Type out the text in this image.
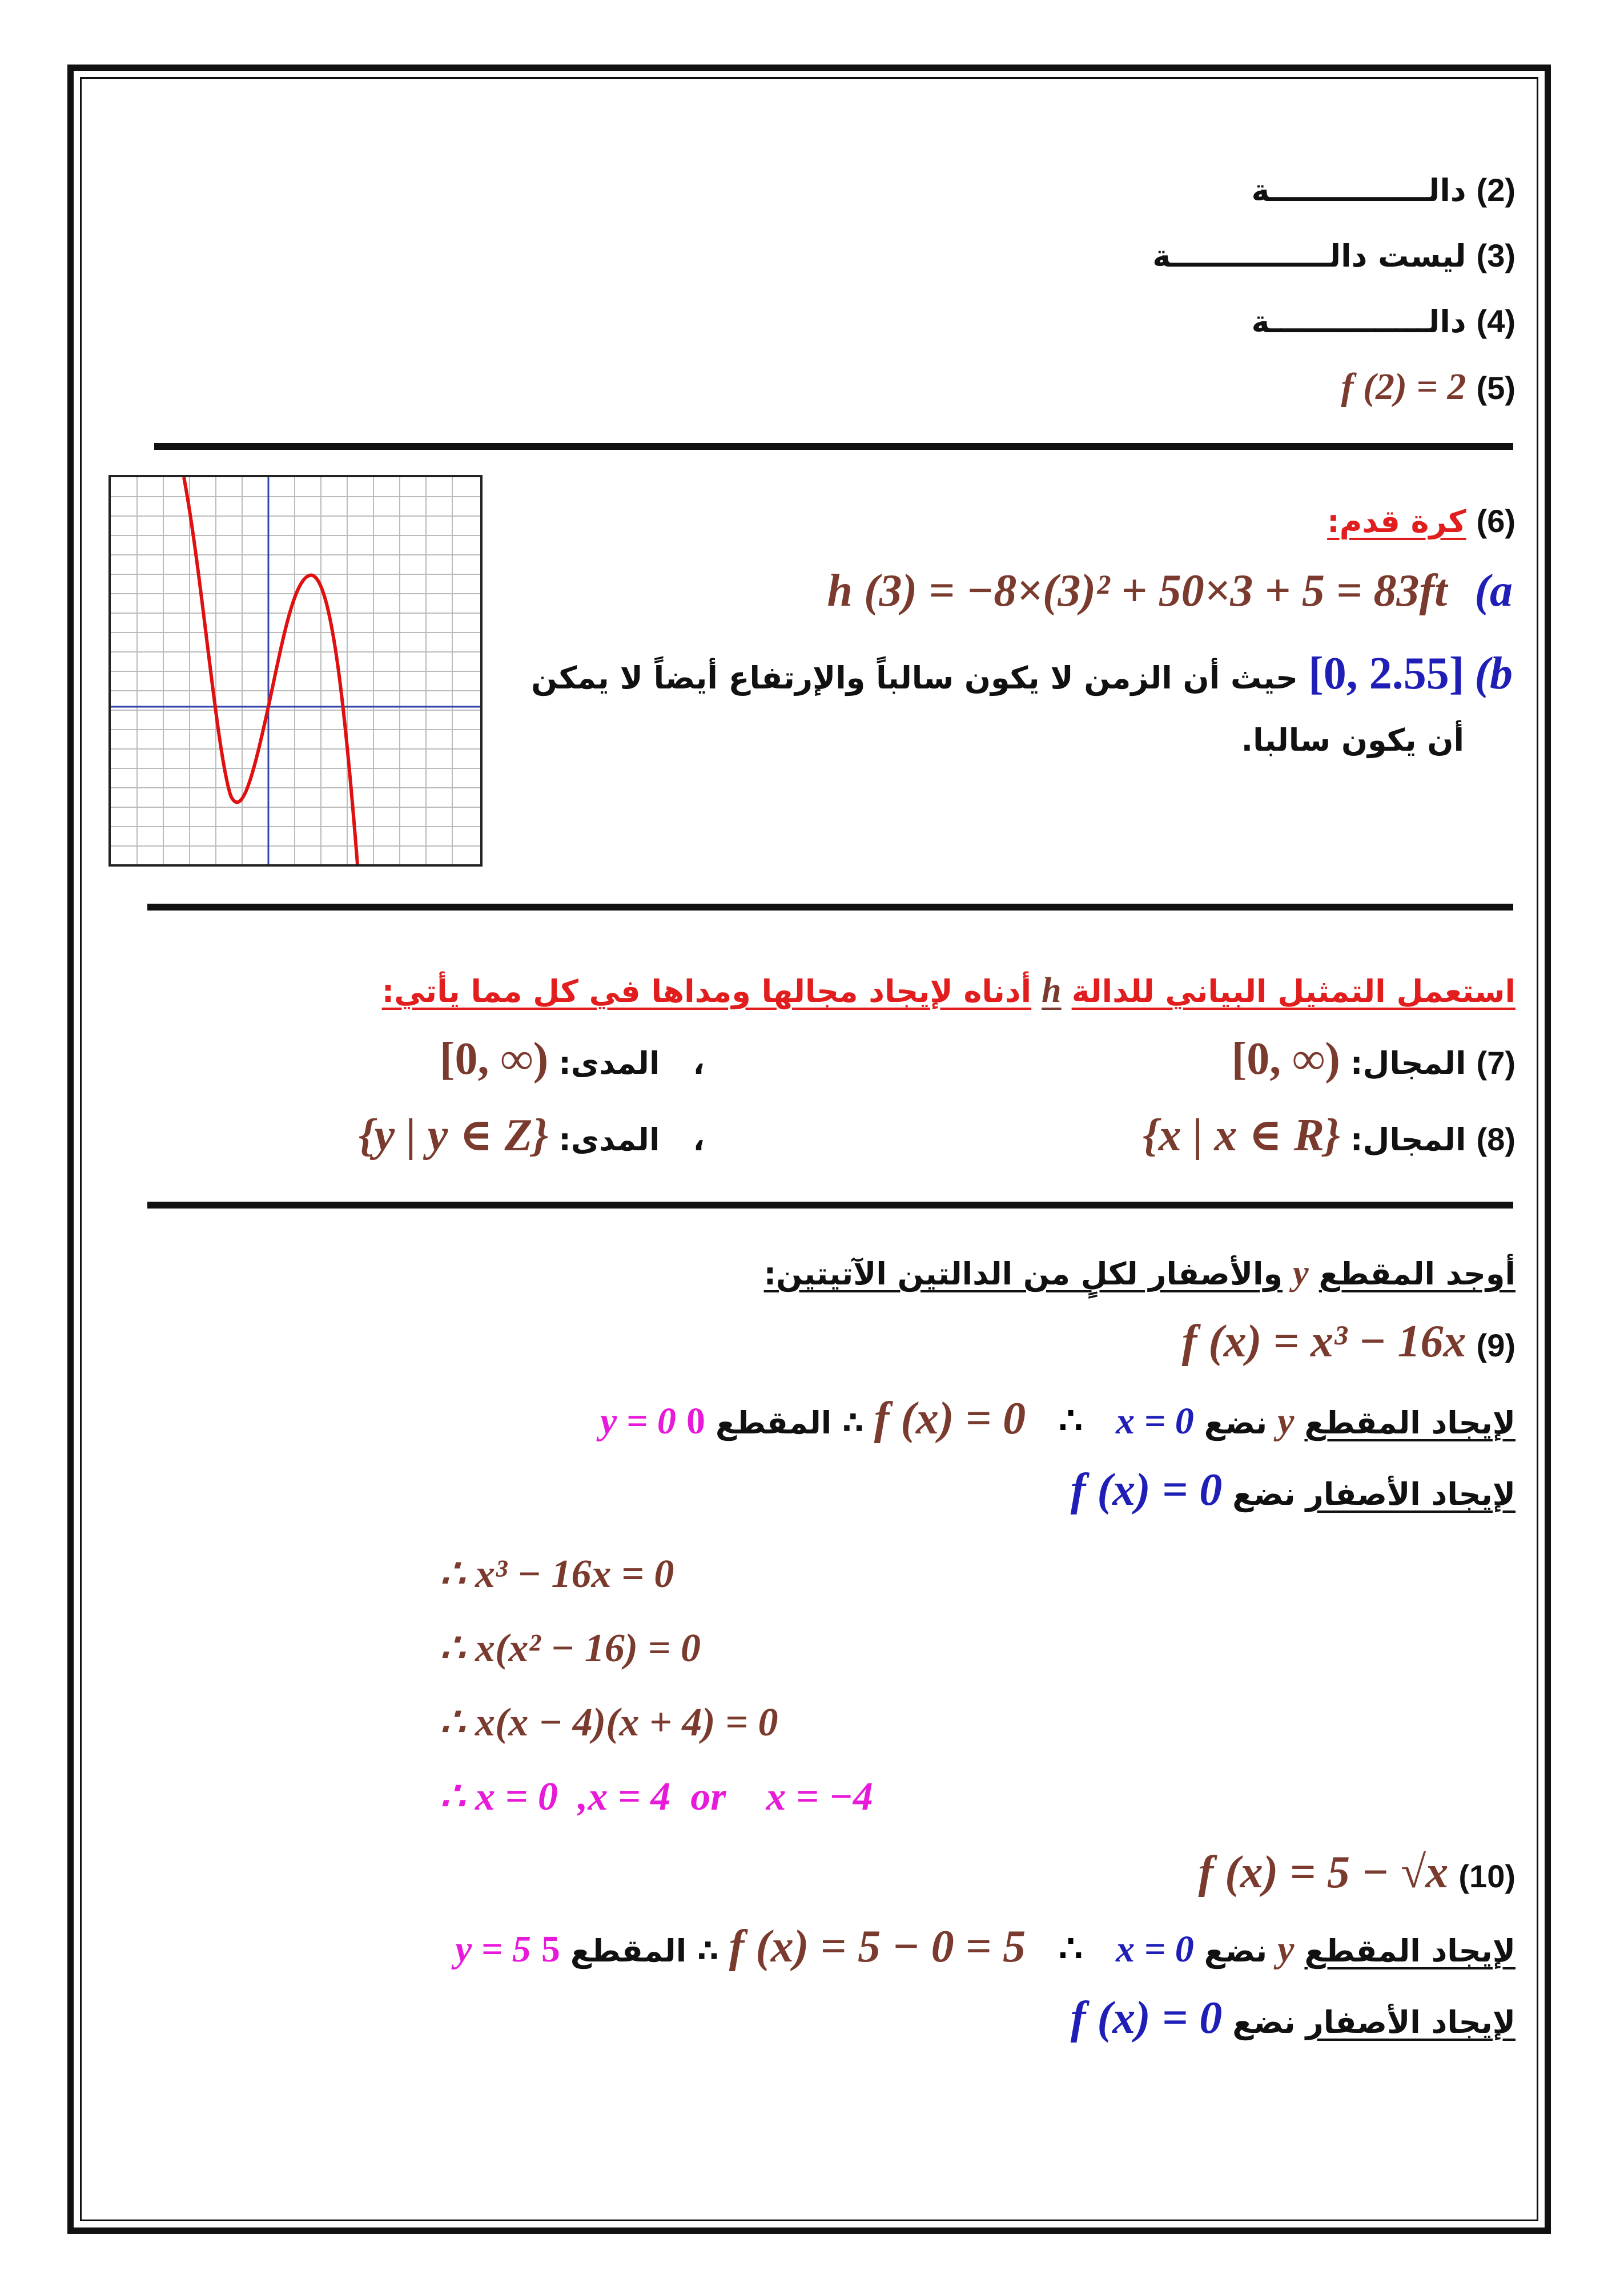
(2)
دالـــــــــــــــة
(3)
ليست دالـــــــــــــــة
(4)
دالـــــــــــــــة
(5)
f (2) = 2
(6)
كرة قدم:
h (3) = −8×(3)² + 50×3 + 5 = 83ft (a
(b
[0, 2.55]
حيث أن الزمن لا يكون سالباً والإرتفاع أيضاً لا يمكن
أن يكون سالبا.
استعمل التمثيل البياني للدالة
h
أدناه لإيجاد مجالها ومداها في كل مما يأتي:
(7)
المجال:
[0, ∞)
،
المدى:
[0, ∞)
(8)
المجال:
{x | x ∈ R}
،
المدى:
{y | y ∈ Z}
أوجد المقطع
y
والأصفار لكلٍ من الدالتين الآتيتين:
(9)
f (x) = x³ − 16x
لإيجاد المقطع
y
نضع
x = 0
∴
f (x) = 0
∴ المقطع
0
y = 0
لإيجاد الأصفار
نضع
f (x) = 0
∴ x³ − 16x = 0
∴ x(x² − 16) = 0
∴ x(x − 4)(x + 4) = 0
∴ x = 0  ,x = 4  or    x = −4
(10)
f (x) = 5 − √x
لإيجاد المقطع
y
نضع
x = 0
∴
f (x) = 5 − 0 = 5
∴ المقطع
5
y = 5
لإيجاد الأصفار
نضع
f (x) = 0
